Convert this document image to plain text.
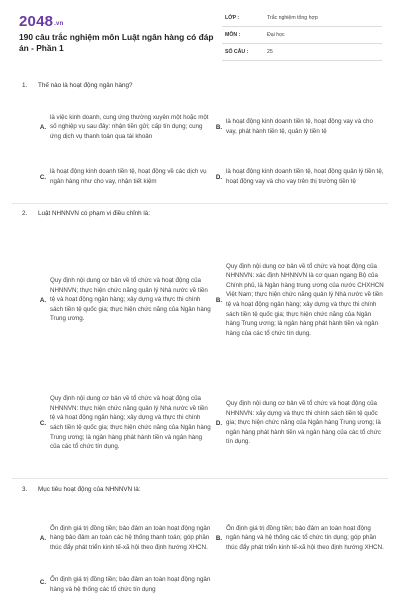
2048.vn
190 câu trắc nghiệm môn Luật ngân hàng có đáp án - Phần 1
LỚP :	Trắc nghiệm tổng hợp
MÔN :	Đại học
SỐ CÂU :	25
1. Thế nào là hoạt động ngân hàng?
A.
là việc kinh doanh, cung ứng thường xuyên một hoặc một số nghiệp vụ sau đây: nhận tiền gửi; cấp tín dụng; cung ứng dịch vụ thanh toán qua tài khoản
B.
là hoạt động kinh doanh tiền tệ, hoạt động vay và cho vay, phát hành tiền tệ, quản lý tiền tệ
C.
là hoạt động kinh doanh tiền tệ, hoạt động về các dịch vụ ngân hàng như cho vay, nhận tiết kiệm
D.
là hoạt động kinh doanh tiền tệ, hoạt động quản lý tiền tệ, hoạt động vay và cho vay trên thị trường tiền tệ
2. Luật NHNNVN có phạm vi điều chỉnh là:
A.
Quy định nội dung cơ bản về tổ chức và hoạt động của NHNNVN; thực hiện chức năng quản lý Nhà nước về tiền tệ và hoạt động ngân hàng; xây dựng và thực thi chính sách tiền tệ quốc gia; thực hiện chức năng của Ngân hàng Trung ương.
B.
Quy định nội dung cơ bản về tổ chức và hoạt động của NHNNVN: xác định NHNNVN là cơ quan ngang Bộ của Chính phủ, là Ngân hàng trung ương của nước CHXHCN Việt Nam; thực hiện chức năng quản lý Nhà nước về tiền tệ và hoạt động ngân hàng; xây dựng và thực thi chính sách tiền tệ quốc gia; thực hiện chức năng của Ngân hàng Trung ương; là ngân hàng phát hành tiền và ngân hàng của các tổ chức tín dụng.
C.
Quy định nội dung cơ bản về tổ chức và hoạt động của NHNNVN: thực hiện chức năng quản lý Nhà nước về tiền tệ và hoạt động ngân hàng; xây dựng và thực thi chính sách tiền tệ quốc gia; thực hiện chức năng của Ngân hàng Trung ương; là ngân hàng phát hành tiền và ngân hàng của các tổ chức tín dụng.
D.
Quy định nội dung cơ bản về tổ chức và hoạt động của NHNNVN: xây dựng và thực thi chính sách tiền tệ quốc gia; thực hiện chức năng của Ngân hàng Trung ương; là ngân hàng phát hành tiền và ngân hàng của các tổ chức tín dụng.
3. Mục tiêu hoạt động của NHNNVN là:
A.
Ổn định giá trị đồng tiền; bảo đảm an toàn hoạt động ngân hàng bảo đảm an toàn các hệ thống thanh toán; góp phần thúc đẩy phát triển kinh tế-xã hội theo định hướng XHCN.
B.
Ổn định giá trị đồng tiền; bảo đảm an toàn hoạt động ngân hàng và hệ thống các tổ chức tín dụng; góp phần thúc đẩy phát triển kinh tế-xã hội theo định hướng XHCN.
C. Ổn định giá trị đồng tiền; bảo đảm an toàn hoạt động ngân hàng và hệ thống các tổ chức tín dụng
